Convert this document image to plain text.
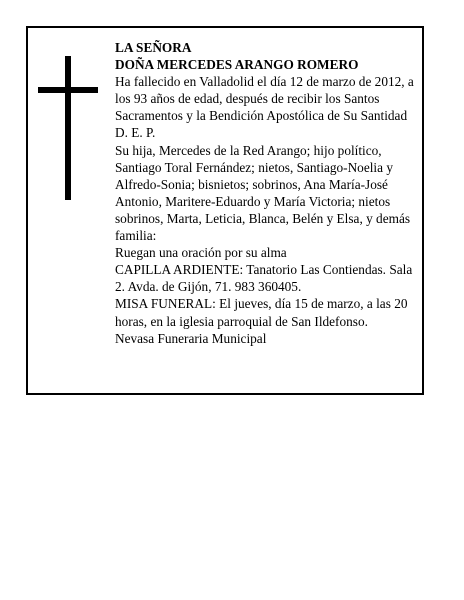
LA SEÑORA

DOÑA MERCEDES ARANGO ROMERO

Ha fallecido en Valladolid el día 12 de marzo de 2012, a los 93 años de edad, después de recibir los Santos Sacramentos y la Bendición Apostólica de Su Santidad D. E. P.

Su hija, Mercedes de la Red Arango; hijo político, Santiago Toral Fernández; nietos, Santiago-Noelia y Alfredo-Sonia; bisnietos; sobrinos, Ana María-José Antonio, Maritere-Eduardo y María Victoria; nietos sobrinos, Marta, Leticia, Blanca, Belén y Elsa, y demás familia:

Ruegan una oración por su alma

CAPILLA ARDIENTE: Tanatorio Las Contiendas. Sala 2. Avda. de Gijón, 71. 983 360405.

MISA FUNERAL: El jueves, día 15 de marzo, a las 20 horas, en la iglesia parroquial de San Ildefonso.

Nevasa Funeraria Municipal
